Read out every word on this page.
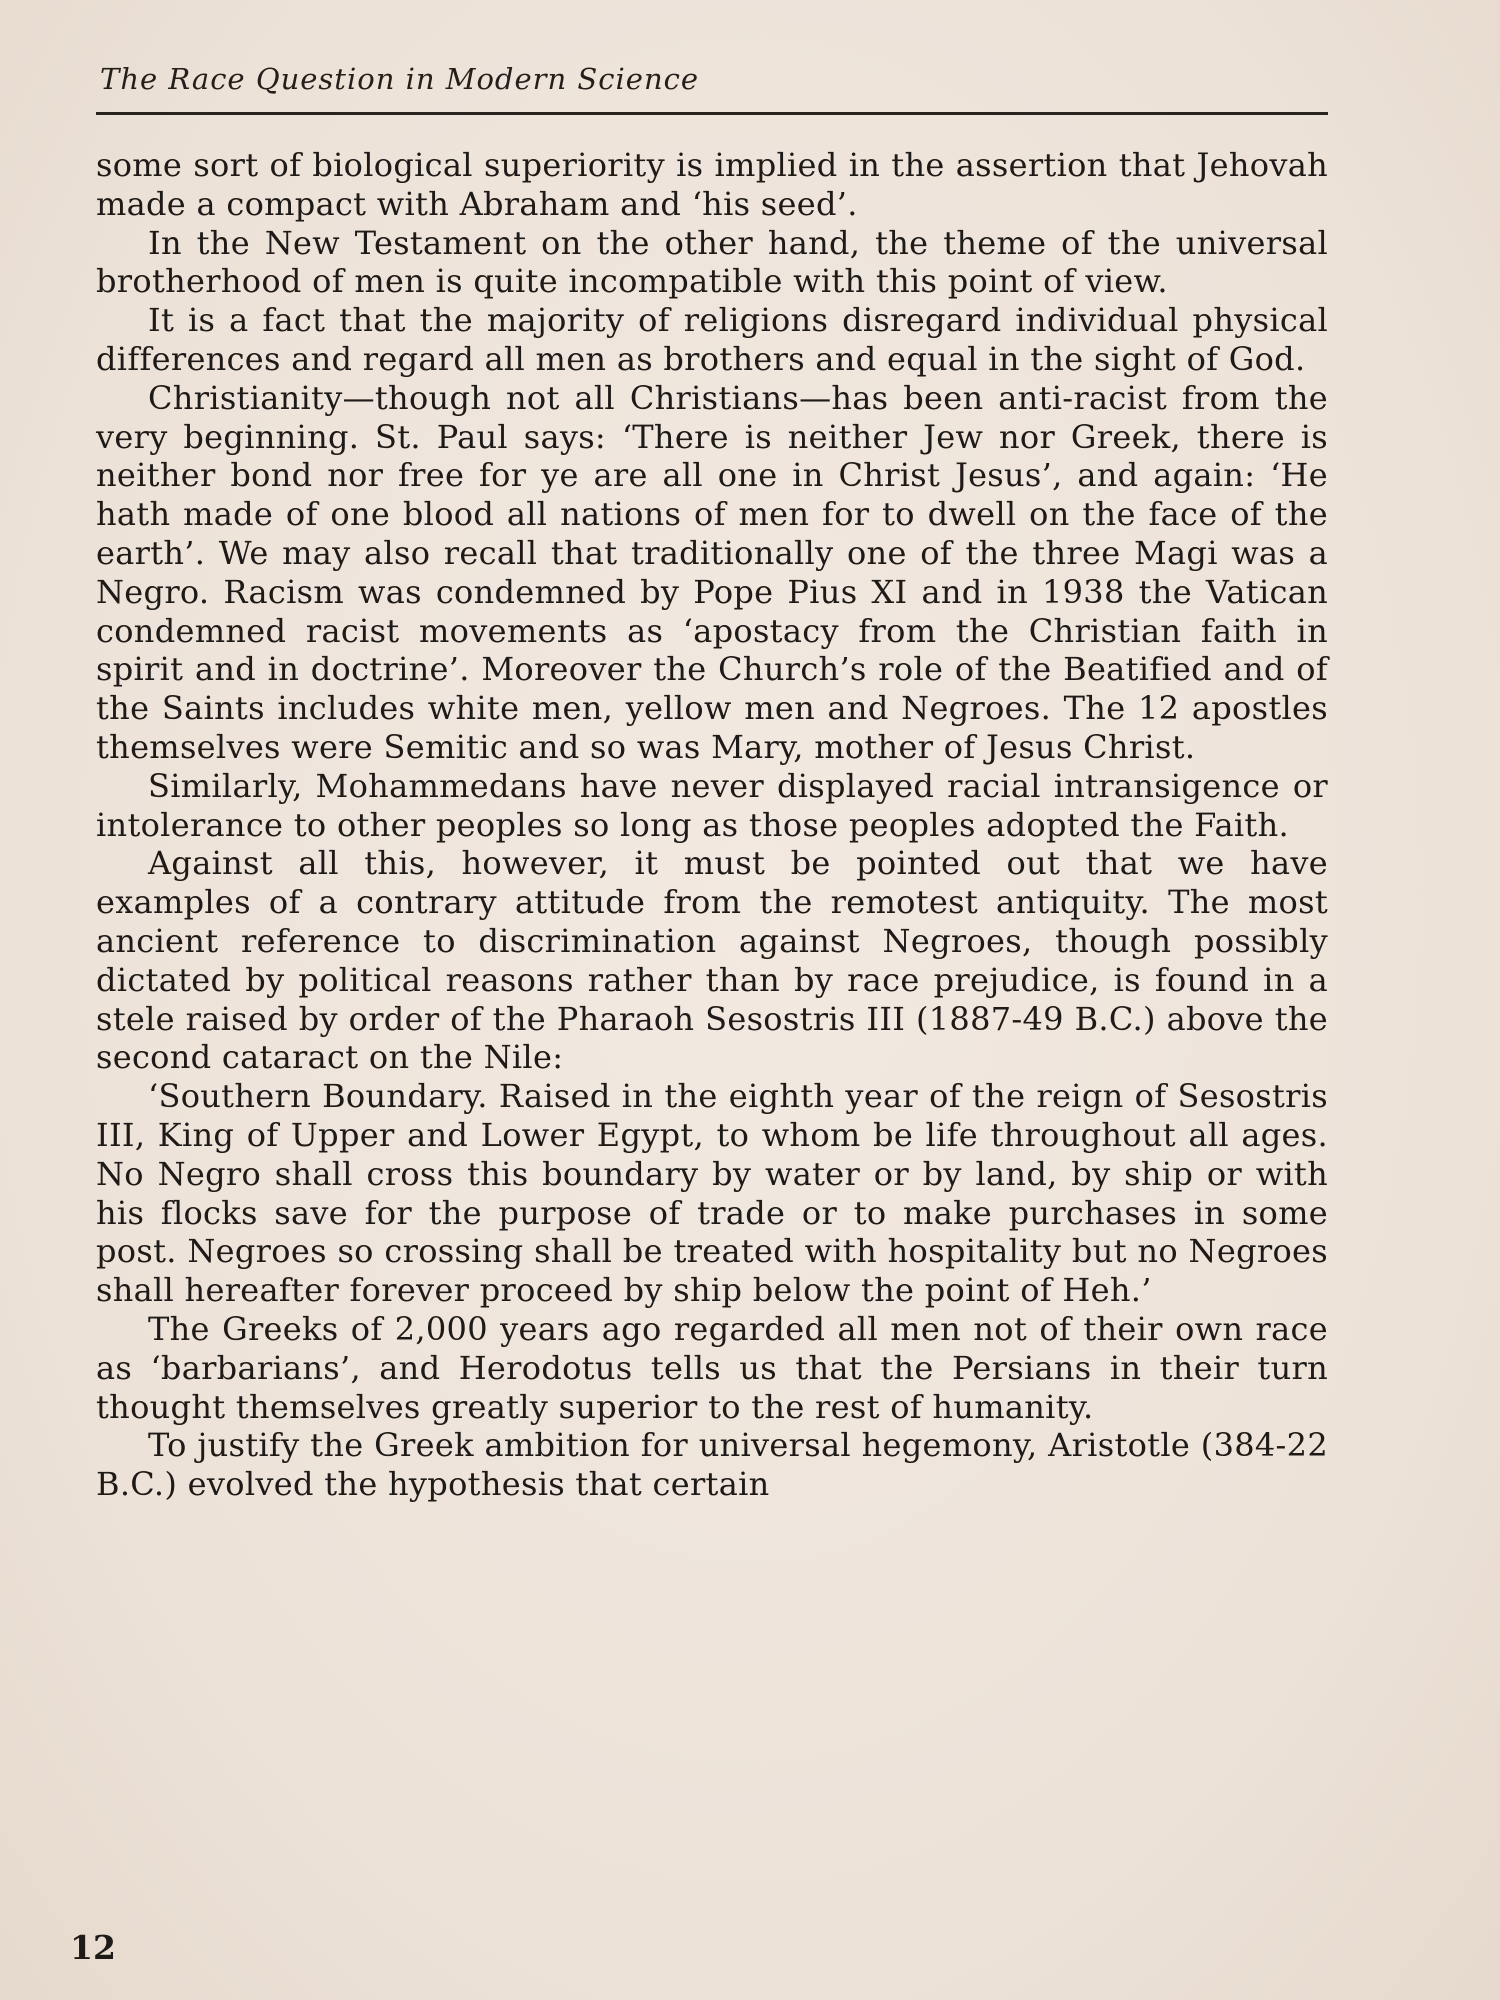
The Race Question in Modern Science

some sort of biological superiority is implied in the assertion that Jehovah made a compact with Abraham and ‘his seed’.

In the New Testament on the other hand, the theme of the universal brotherhood of men is quite incompatible with this point of view.

It is a fact that the majority of religions disregard individual physical differences and regard all men as brothers and equal in the sight of God.

Christianity—though not all Christians—has been anti-racist from the very beginning. St. Paul says: ‘There is neither Jew nor Greek, there is neither bond nor free for ye are all one in Christ Jesus’, and again: ‘He hath made of one blood all nations of men for to dwell on the face of the earth’. We may also recall that traditionally one of the three Magi was a Negro. Racism was condemned by Pope Pius XI and in 1938 the Vatican condemned racist movements as ‘apostacy from the Christian faith in spirit and in doctrine’. Moreover the Church’s role of the Beatified and of the Saints includes white men, yellow men and Negroes. The 12 apostles themselves were Semitic and so was Mary, mother of Jesus Christ.

Similarly, Mohammedans have never displayed racial intransigence or intolerance to other peoples so long as those peoples adopted the Faith.

Against all this, however, it must be pointed out that we have examples of a contrary attitude from the remotest antiquity. The most ancient reference to discrimination against Negroes, though possibly dictated by political reasons rather than by race prejudice, is found in a stele raised by order of the Pharaoh Sesostris III (1887-49 B.C.) above the second cataract on the Nile:

‘Southern Boundary. Raised in the eighth year of the reign of Sesostris III, King of Upper and Lower Egypt, to whom be life throughout all ages. No Negro shall cross this boundary by water or by land, by ship or with his flocks save for the purpose of trade or to make purchases in some post. Negroes so crossing shall be treated with hospitality but no Negroes shall hereafter forever proceed by ship below the point of Heh.’

The Greeks of 2,000 years ago regarded all men not of their own race as ‘barbarians’, and Herodotus tells us that the Persians in their turn thought themselves greatly superior to the rest of humanity.

To justify the Greek ambition for universal hegemony, Aristotle (384-22 B.C.) evolved the hypothesis that certain

12
